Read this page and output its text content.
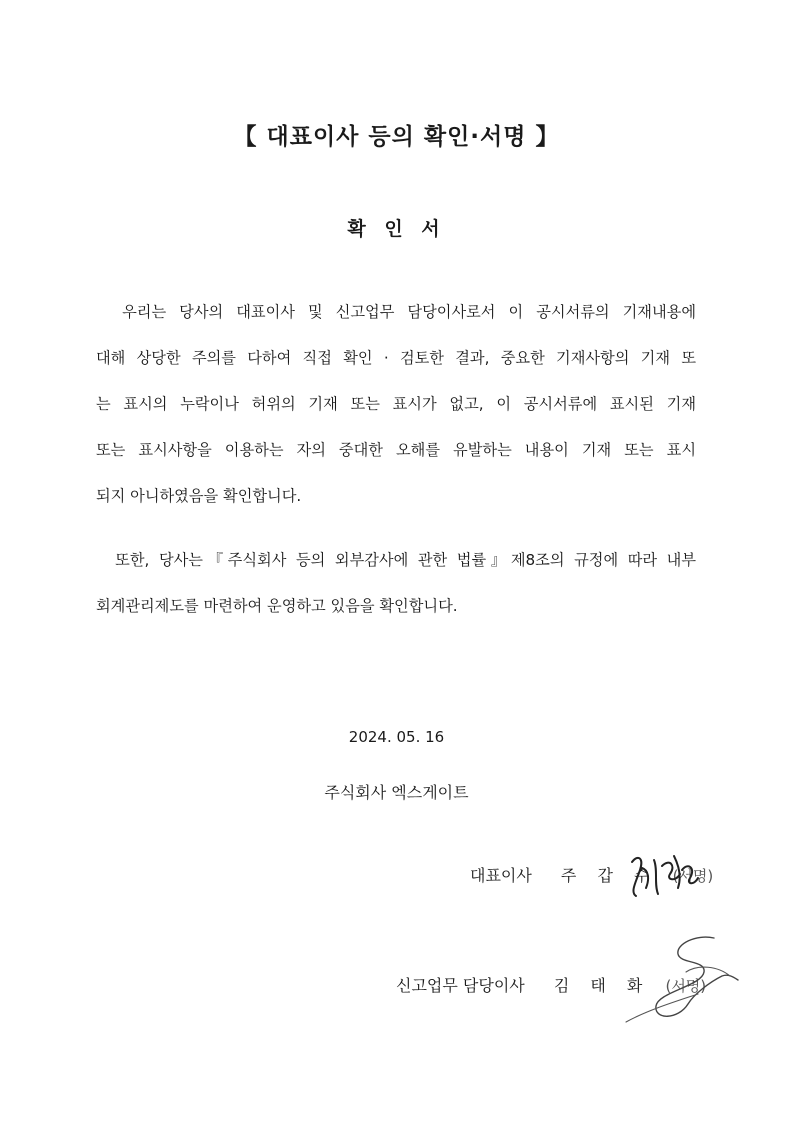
【 대표이사 등의 확인·서명 】
확 인 서
우리는 당사의 대표이사 및 신고업무 담당이사로서 이 공시서류의 기재내용에
대해 상당한 주의를 다하여 직접 확인 · 검토한 결과, 중요한 기재사항의 기재 또
는 표시의 누락이나 허위의 기재 또는 표시가 없고, 이 공시서류에 표시된 기재
또는 표시사항을 이용하는 자의 중대한 오해를 유발하는 내용이 기재 또는 표시
되지 아니하였음을 확인합니다.
또한, 당사는『주식회사 등의 외부감사에 관한 법률』제8조의 규정에 따라 내부
회계관리제도를 마련하여 운영하고 있음을 확인합니다.
2024. 05. 16
주식회사 엑스게이트
대표이사 주 갑 수 (서명)
신고업무 담당이사 김 태 화 (서명)
